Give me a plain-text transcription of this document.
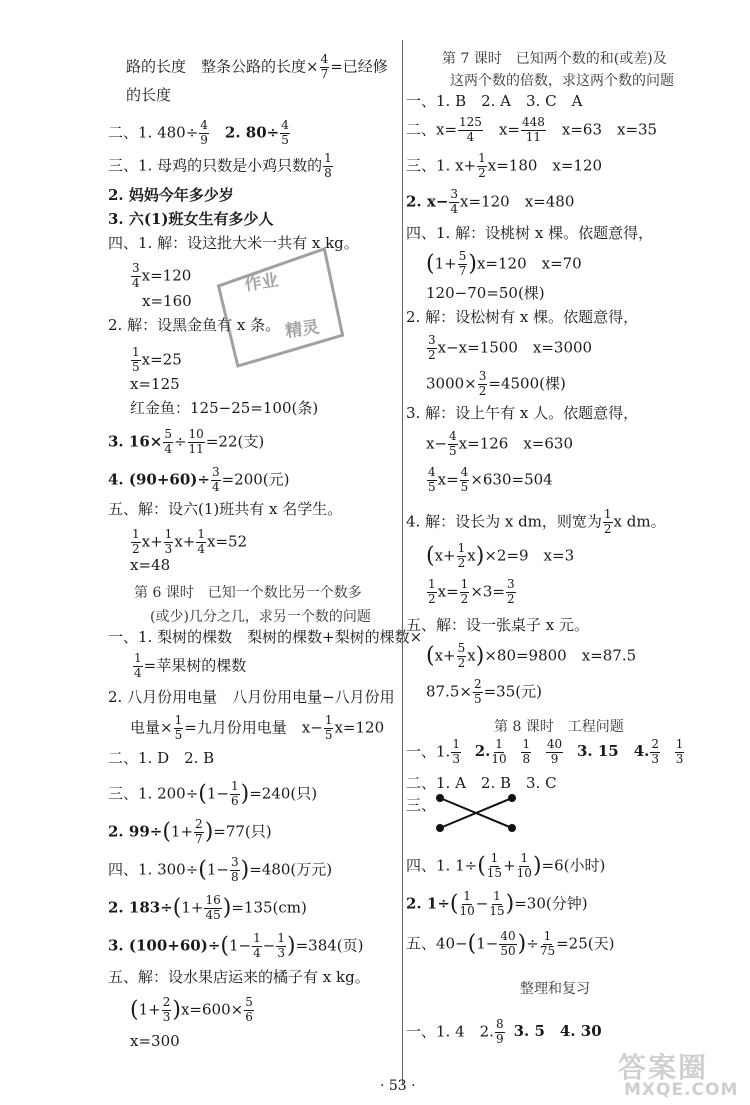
路的长度　整条公路的长度× $\frac{4}{7}$ =已经修
的长度
二、1. $480\div \frac{4}{9}$ 　2. $80\div \frac{4}{5}$
三、1. 母鸡的只数是小鸡只数的 $\frac{1}{8}$
2. 妈妈今年多少岁
3. 六(1)班女生有多少人
四、1. 解：设这批大米一共有 x kg。
$\frac{3}{4} x=120$
x=160
2. 解：设黑金鱼有 x 条。
$\frac{1}{5} x=25$
x=125
红金鱼：125−25=100(条)
3. $16\times \frac{5}{4} \div \frac{10}{11} =22$(支)
4. $(90+60)\div \frac{3}{4} =200$(元)
五、解：设六(1)班共有 x 名学生。
$\frac{1}{2} x+ \frac{1}{3} x+ \frac{1}{4} x=52$
x=48
第 6 课时　已知一个数比另一个数多
(或少)几分之几，求另一个数的问题
一、1. 梨树的棵数　梨树的棵数+梨树的棵数×
$\frac{1}{4}$ =苹果树的棵数
2. 八月份用电量　八月份用电量−八月份用
电量× $\frac{1}{5}$ =九月份用电量　$x- \frac{1}{5} x=120$
二、1. D　2. B
三、1. $200\div(1- \frac{1}{6} )=240$(只)
2. $99\div(1+ \frac{2}{7} )=77$(只)
四、1. $300\div(1- \frac{3}{8} )=480$(万元)
2. $183\div(1+ \frac{16}{45} )=135(cm)$
3. $(100+60)\div(1- \frac{1}{4} - \frac{1}{3} )=384$(页)
五、解：设水果店运来的橘子有 x kg。
$(1+ \frac{2}{3} )x=600\times \frac{5}{6}$
x=300
第 7 课时　已知两个数的和(或差)及
这两个数的倍数，求这两个数的问题
一、1. B　2. A　3. C　A
二、$x= \frac{125}{4}$ 　$x= \frac{448}{11}$ 　x=63　x=35
三、1. $x+ \frac{1}{2} x=180$　x=120
2. $x- \frac{3}{4} x=120$　x=480
四、1. 解：设桃树 x 棵。依题意得，
$(1+ \frac{5}{7} )x=120$　x=70
120−70=50(棵)
2. 解：设松树有 x 棵。依题意得，
$\frac{3}{2} x-x=1500$　x=3000
$3000\times \frac{3}{2} =4500$(棵)
3. 解：设上午有 x 人。依题意得，
$x- \frac{4}{5} x=126$　x=630
$\frac{4}{5} x= \frac{4}{5} \times 630=504$
4. 解：设长为 x dm，则宽为 $\frac{1}{2}$ x dm。
$(x+ \frac{1}{2} x)\times 2=9$　x=3
$\frac{1}{2} x= \frac{1}{2} \times 3= \frac{3}{2}$
五、解：设一张桌子 x 元。
$(x+ \frac{5}{2} x)\times 80=9800$　x=87.5
$87.5\times \frac{2}{5} =35$(元)
第 8 课时　工程问题
一、1. $\frac{1}{3} 2$. $\frac{1}{10}$
$\frac{1}{8}$
$\frac{40}{9} 3$. 15　4. $\frac{2}{3}$
$\frac{1}{3}$
二、1. A　2. B　3. C
三、
四、1. $1\div( \frac{1}{15} + \frac{1}{10} )=6$(小时)
2. $1\div( \frac{1}{10} - \frac{1}{15} )=30$(分钟)
五、$40-(1- \frac{40}{50}$ )÷ $\frac{1}{75} =25$(天)
整理和复习
一、1. 4　2. $\frac{8}{9} 3$. 5　4. 30
作业
精灵
· 53 ·
答案圈
MXQE.COM
